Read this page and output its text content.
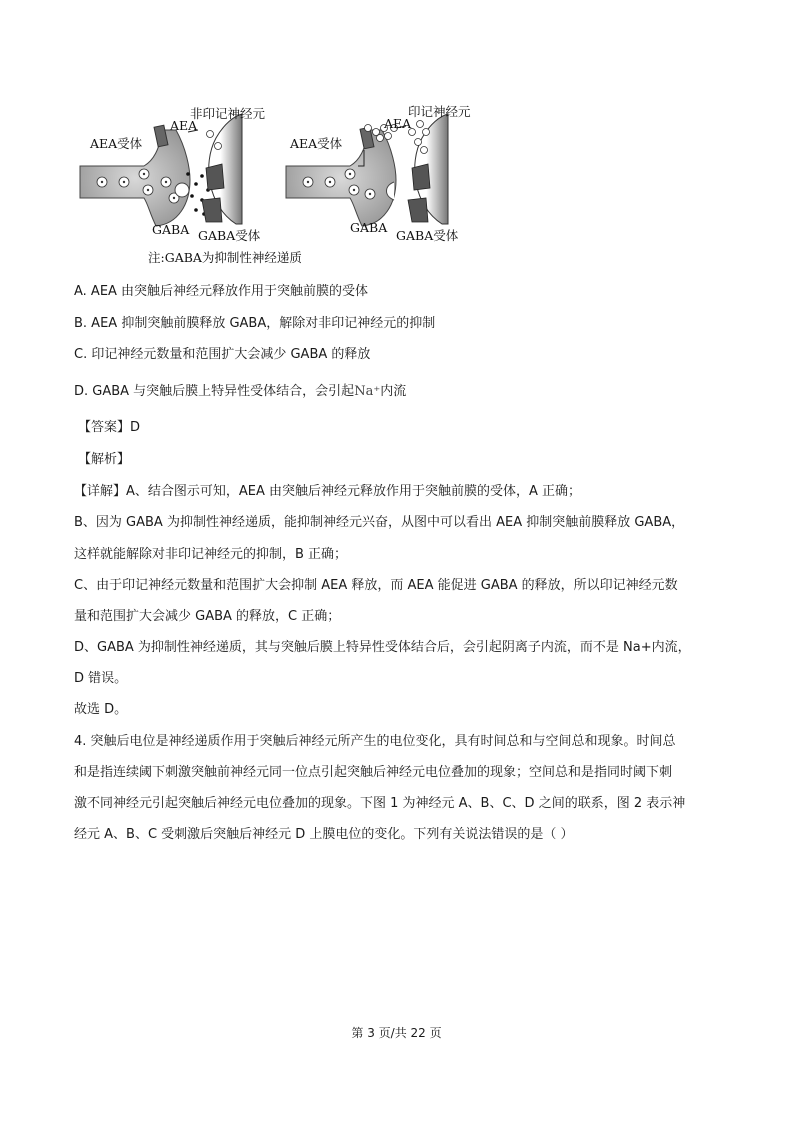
非印记神经元
AEA
AEA受体
GABA GABA受体
印记神经元
AEA
AEA受体
GABA
GABA受体
注:GABA为抑制性神经递质
A. AEA 由突触后神经元释放作用于突触前膜的受体
B. AEA 抑制突触前膜释放 GABA，解除对非印记神经元的抑制
C. 印记神经元数量和范围扩大会减少 GABA 的释放
D. GABA 与突触后膜上特异性受体结合，会引起Na⁺内流
【答案】D
【解析】
【详解】A、结合图示可知，AEA 由突触后神经元释放作用于突触前膜的受体，A 正确；
B、因为 GABA 为抑制性神经递质，能抑制神经元兴奋，从图中可以看出 AEA 抑制突触前膜释放 GABA，
这样就能解除对非印记神经元的抑制，B 正确；
C、由于印记神经元数量和范围扩大会抑制 AEA 释放，而 AEA 能促进 GABA 的释放，所以印记神经元数
量和范围扩大会减少 GABA 的释放，C 正确；
D、GABA 为抑制性神经递质，其与突触后膜上特异性受体结合后，会引起阴离子内流，而不是 Na+内流，
D 错误。
故选 D。
4. 突触后电位是神经递质作用于突触后神经元所产生的电位变化，具有时间总和与空间总和现象。时间总
和是指连续阈下刺激突触前神经元同一位点引起突触后神经元电位叠加的现象；空间总和是指同时阈下刺
激不同神经元引起突触后神经元电位叠加的现象。下图 1 为神经元 A、B、C、D 之间的联系，图 2 表示神
经元 A、B、C 受刺激后突触后神经元 D 上膜电位的变化。下列有关说法错误的是（ ）
第 3 页/共 22 页
